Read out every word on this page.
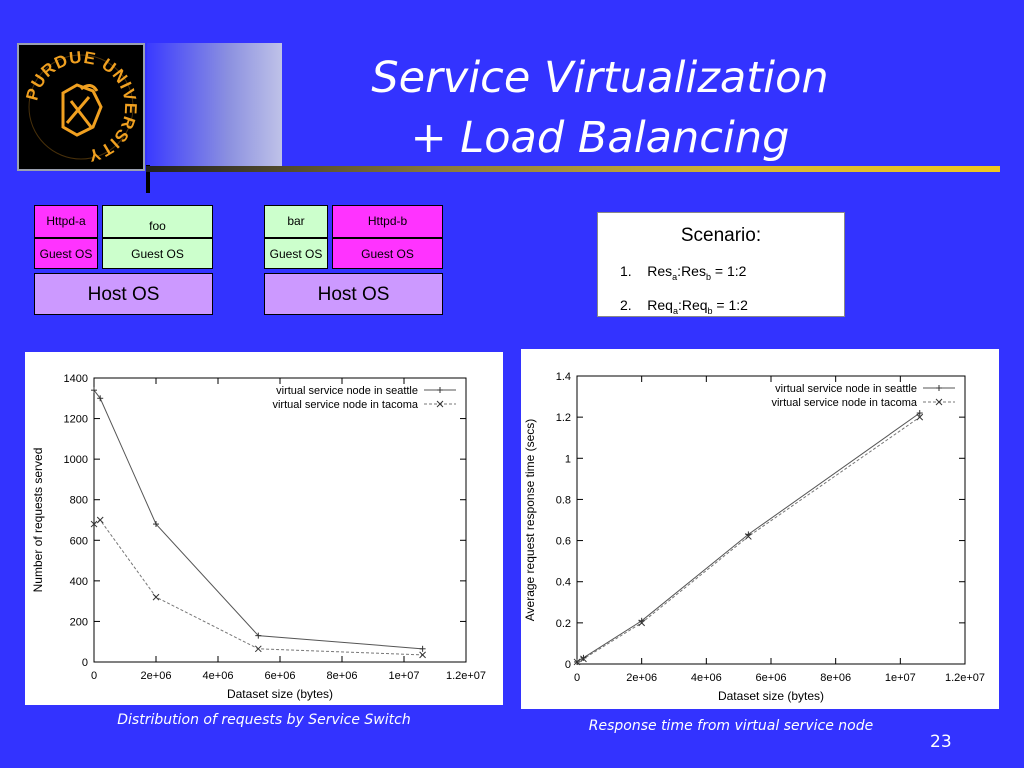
PURDUE UNIVERSITY
Service Virtualization
+ Load Balancing
Httpd-a	foo
Guest OS	Guest OS
Host OS
bar	Httpd-b
Guest OS	Guest OS
Host OS
Scenario:
1. Res$_a$:Res$_b$ = 1:2
2. Req$_a$:Req$_b$ = 1:2
0	2e+06	4e+06	6e+06	8e+06	1e+07 1.2e+07
0
200
400
600
800
1000
1200
1400
Dataset size (bytes)
Number of requests served
virtual service node in seattle
virtual service node in tacoma
0	2e+06	4e+06	6e+06	8e+06	1e+07	1.2e+07
0
0.2
0.4
0.6
0.8
1
1.2
1.4
Dataset size (bytes)
Average request response time (secs)
virtual service node in seattle
virtual service node in tacoma
Distribution of requests by Service Switch	Response time from virtual service node
23
